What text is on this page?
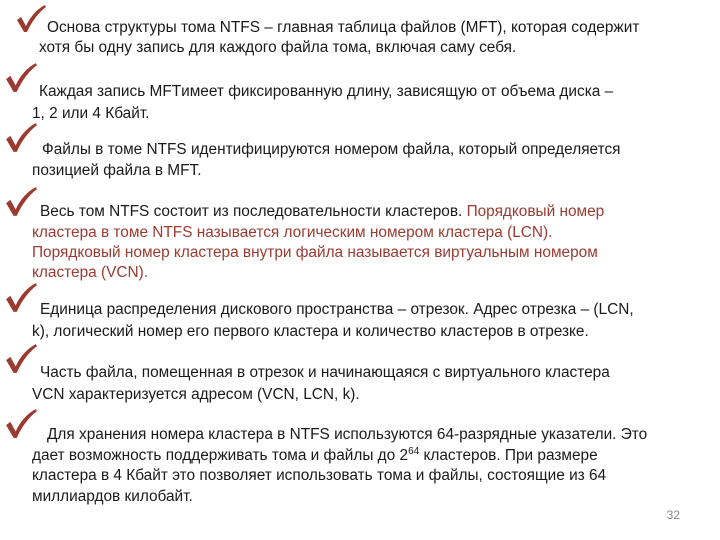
Основа структуры тома NTFS – главная таблица файлов (MFT), которая содержит

хотя бы одну запись для каждого файла тома, включая саму себя.

Каждая запись MFTимеет фиксированную длину, зависящую от объема диска –

1, 2 или 4 Кбайт.

Файлы в томе NTFS идентифицируются номером файла, который определяется

позицией файла в MFT.

Весь том NTFS состоит из последовательности кластеров. Порядковый номер

кластера в томе NTFS называется логическим номером кластера (LCN).

Порядковый номер кластера внутри файла называется виртуальным номером

кластера (VCN).

Единица распределения дискового пространства – отрезок. Адрес отрезка – (LCN,

k), логический номер его первого кластера и количество кластеров в отрезке.

Часть файла, помещенная в отрезок и начинающаяся с виртуального кластера

VCN характеризуется адресом (VCN, LCN, k).

Для хранения номера кластера в NTFS используются 64-разрядные указатели. Это

дает возможность поддерживать тома и файлы до $2^{64}$ кластеров. При размере

кластера в 4 Кбайт это позволяет использовать тома и файлы, состоящие из 64

миллиардов килобайт.

32
